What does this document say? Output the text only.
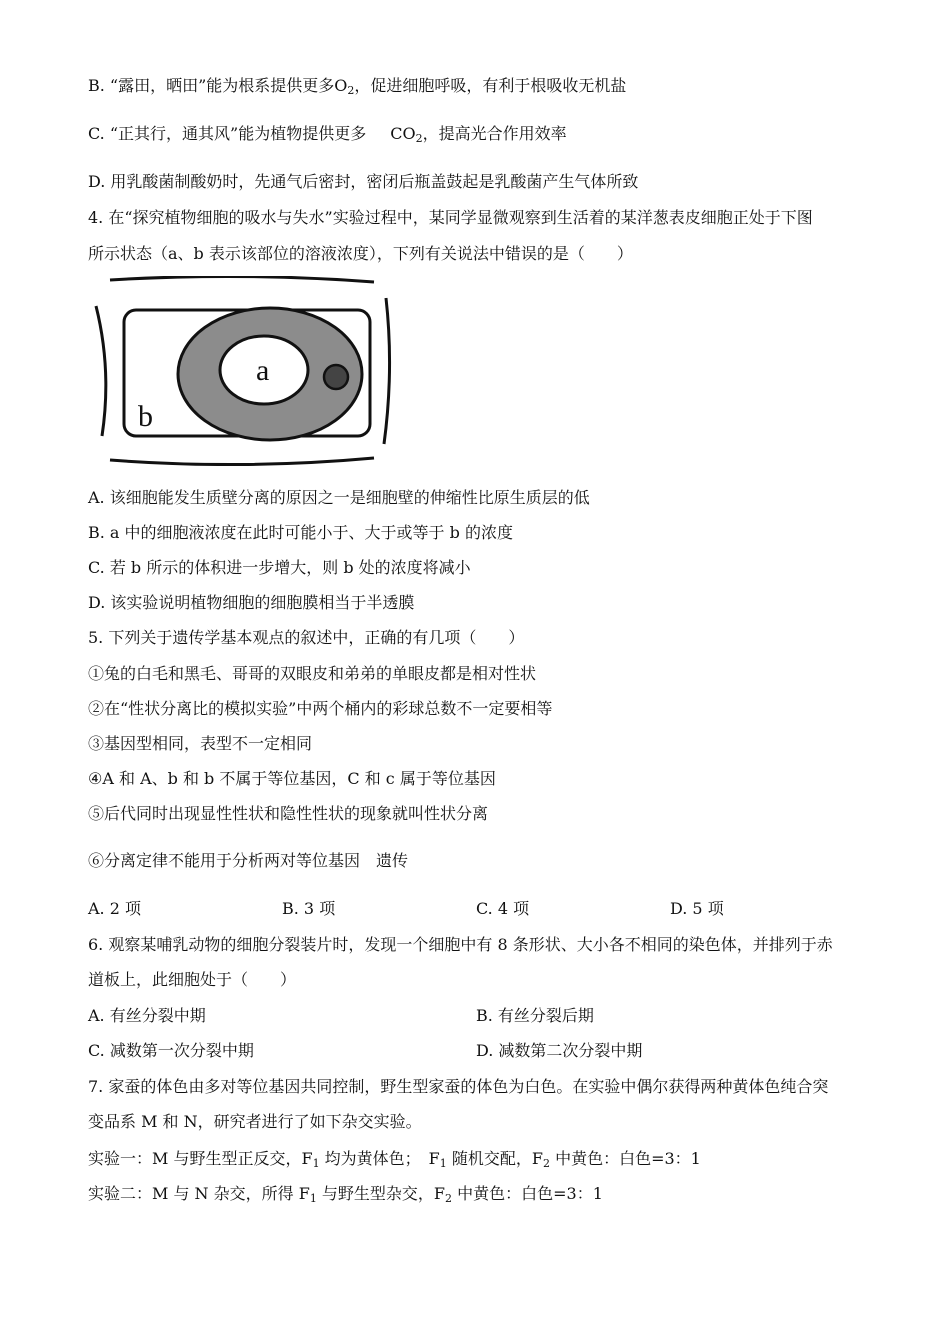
B. “露田，晒田”能为根系提供更多$O_2$，促进细胞呼吸，有利于根吸收无机盐
C. “正其行，通其风”能为植物提供更多 $CO_2$，提高光合作用效率
D. 用乳酸菌制酸奶时，先通气后密封，密闭后瓶盖鼓起是乳酸菌产生气体所致
4. 在“探究植物细胞的吸水与失水”实验过程中，某同学显微观察到生活着的某洋葱表皮细胞正处于下图
所示状态（a、b 表示该部位的溶液浓度），下列有关说法中错误的是（　　）
a
b
A. 该细胞能发生质壁分离的原因之一是细胞壁的伸缩性比原生质层的低
B. a 中的细胞液浓度在此时可能小于、大于或等于 b 的浓度
C. 若 b 所示的体积进一步增大，则 b 处的浓度将减小
D. 该实验说明植物细胞的细胞膜相当于半透膜
5. 下列关于遗传学基本观点的叙述中，正确的有几项（　　）
①兔的白毛和黑毛、哥哥的双眼皮和弟弟的单眼皮都是相对性状
②在“性状分离比的模拟实验”中两个桶内的彩球总数不一定要相等
③基因型相同，表型不一定相同
④A 和 A、b 和 b 不属于等位基因，C 和 c 属于等位基因
⑤后代同时出现显性性状和隐性性状的现象就叫性状分离
⑥分离定律不能用于分析两对等位基因　遗传
A. 2 项	B. 3 项	C. 4 项	D. 5 项
6. 观察某哺乳动物的细胞分裂装片时，发现一个细胞中有 8 条形状、大小各不相同的染色体，并排列于赤
道板上，此细胞处于（　　）
A. 有丝分裂中期	B. 有丝分裂后期
C. 减数第一次分裂中期	D. 减数第二次分裂中期
7. 家蚕的体色由多对等位基因共同控制，野生型家蚕的体色为白色。在实验中偶尔获得两种黄体色纯合突
变品系 M 和 N，研究者进行了如下杂交实验。
实验一：M 与野生型正反交，$F_1$ 均为黄体色；　$F_1$ 随机交配，$F_2$ 中黄色：白色=3：1
实验二：M 与 N 杂交，所得 $F_1$ 与野生型杂交，$F_2$ 中黄色：白色=3：1
